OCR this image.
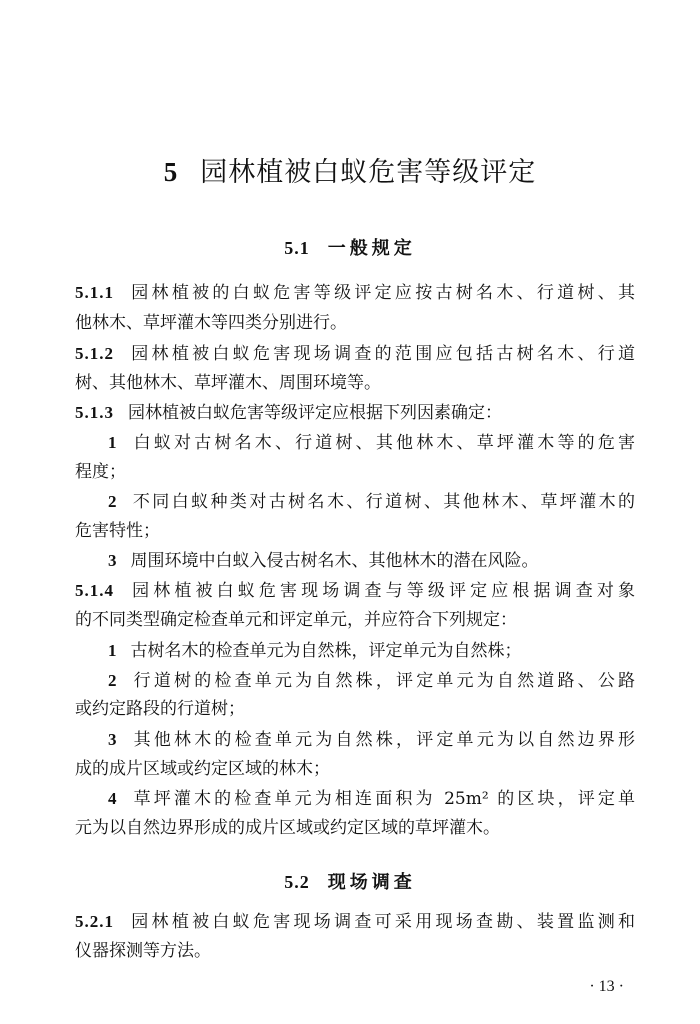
5 园林植被白蚁危害等级评定
5.1 一般规定
5.1.1 园林植被的白蚁危害等级评定应按古树名木、行道树、其
他林木、草坪灌木等四类分别进行。
5.1.2 园林植被白蚁危害现场调查的范围应包括古树名木、行道
树、其他林木、草坪灌木、周围环境等。
5.1.3 园林植被白蚁危害等级评定应根据下列因素确定：
1 白蚁对古树名木、行道树、其他林木、草坪灌木等的危害
程度；
2 不同白蚁种类对古树名木、行道树、其他林木、草坪灌木的
危害特性；
3 周围环境中白蚁入侵古树名木、其他林木的潜在风险。
5.1.4 园林植被白蚁危害现场调查与等级评定应根据调查对象
的不同类型确定检查单元和评定单元，并应符合下列规定：
1 古树名木的检查单元为自然株，评定单元为自然株；
2 行道树的检查单元为自然株，评定单元为自然道路、公路
或约定路段的行道树；
3 其他林木的检查单元为自然株，评定单元为以自然边界形
成的成片区域或约定区域的林木；
4 草坪灌木的检查单元为相连面积为 25m² 的区块，评定单
元为以自然边界形成的成片区域或约定区域的草坪灌木。
5.2 现场调查
5.2.1 园林植被白蚁危害现场调查可采用现场查勘、装置监测和
仪器探测等方法。
· 13 ·
